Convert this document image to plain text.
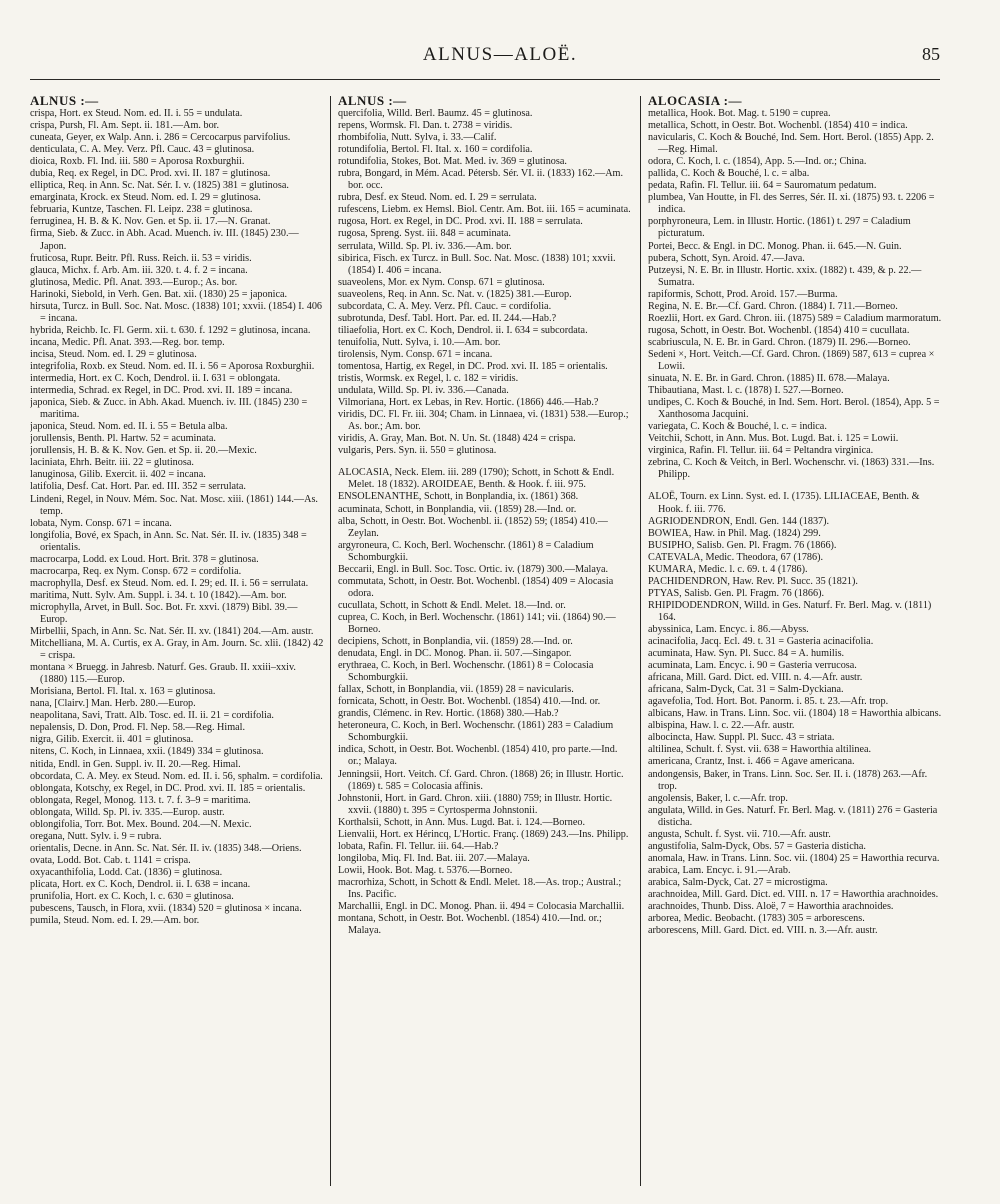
ALNUS—ALOË.	85
ALNUS :—

crispa, Hort. ex Steud. Nom. ed. II. i. 55 = undulata.

crispa, Pursh, Fl. Am. Sept. ii. 181.—Am. bor.

cuneata, Geyer, ex Walp. Ann. i. 286 = Cercocarpus parvifolius.

denticulata, C. A. Mey. Verz. Pfl. Cauc. 43 = glutinosa.

dioica, Roxb. Fl. Ind. iii. 580 = Aporosa Roxburghii.

dubia, Req. ex Regel, in DC. Prod. xvi. II. 187 = glutinosa.

elliptica, Req. in Ann. Sc. Nat. Sér. I. v. (1825) 381 = glutinosa.

emarginata, Krock. ex Steud. Nom. ed. I. 29 = glutinosa.

februaria, Kuntze, Taschen. Fl. Leipz. 238 = glutinosa.

ferruginea, H. B. & K. Nov. Gen. et Sp. ii. 17.—N. Granat.

firma, Sieb. & Zucc. in Abh. Acad. Muench. iv. III. (1845) 230.—Japon.

fruticosa, Rupr. Beitr. Pfl. Russ. Reich. ii. 53 = viridis.

glauca, Michx. f. Arb. Am. iii. 320. t. 4. f. 2 = incana.

glutinosa, Medic. Pfl. Anat. 393.—Europ.; As. bor.

Harinoki, Siebold, in Verh. Gen. Bat. xii. (1830) 25 = japonica.

hirsuta, Turcz. in Bull. Soc. Nat. Mosc. (1838) 101; xxvii. (1854) I. 406 = incana.

hybrida, Reichb. Ic. Fl. Germ. xii. t. 630. f. 1292 = glutinosa, incana.

incana, Medic. Pfl. Anat. 393.—Reg. bor. temp.

incisa, Steud. Nom. ed. I. 29 = glutinosa.

integrifolia, Roxb. ex Steud. Nom. ed. II. i. 56 = Aporosa Roxburghii.

intermedia, Hort. ex C. Koch, Dendrol. ii. I. 631 = oblongata.

intermedia, Schrad. ex Regel, in DC. Prod. xvi. II. 189 = incana.

japonica, Sieb. & Zucc. in Abh. Akad. Muench. iv. III. (1845) 230 = maritima.

japonica, Steud. Nom. ed. II. i. 55 = Betula alba.

jorullensis, Benth. Pl. Hartw. 52 = acuminata.

jorullensis, H. B. & K. Nov. Gen. et Sp. ii. 20.—Mexic.

laciniata, Ehrh. Beitr. iii. 22 = glutinosa.

lanuginosa, Gilib. Exercit. ii. 402 = incana.

latifolia, Desf. Cat. Hort. Par. ed. III. 352 = serrulata.

Lindeni, Regel, in Nouv. Mém. Soc. Nat. Mosc. xiii. (1861) 144.—As. temp.

lobata, Nym. Consp. 671 = incana.

longifolia, Bové, ex Spach, in Ann. Sc. Nat. Sér. II. iv. (1835) 348 = orientalis.

macrocarpa, Lodd. ex Loud. Hort. Brit. 378 = glutinosa.

macrocarpa, Req. ex Nym. Consp. 672 = cordifolia.

macrophylla, Desf. ex Steud. Nom. ed. I. 29; ed. II. i. 56 = serrulata.

maritima, Nutt. Sylv. Am. Suppl. i. 34. t. 10 (1842).—Am. bor.

microphylla, Arvet, in Bull. Soc. Bot. Fr. xxvi. (1879) Bibl. 39.—Europ.

Mirbellii, Spach, in Ann. Sc. Nat. Sér. II. xv. (1841) 204.—Am. austr.

Mitchelliana, M. A. Curtis, ex A. Gray, in Am. Journ. Sc. xlii. (1842) 42 = crispa.

montana × Bruegg. in Jahresb. Naturf. Ges. Graub. II. xxiii–xxiv. (1880) 115.—Europ.

Morisiana, Bertol. Fl. Ital. x. 163 = glutinosa.

nana, [Clairv.] Man. Herb. 280.—Europ.

neapolitana, Savi, Tratt. Alb. Tosc. ed. II. ii. 21 = cordifolia.

nepalensis, D. Don, Prod. Fl. Nep. 58.—Reg. Himal.

nigra, Gilib. Exercit. ii. 401 = glutinosa.

nitens, C. Koch, in Linnaea, xxii. (1849) 334 = glutinosa.

nitida, Endl. in Gen. Suppl. iv. II. 20.—Reg. Himal.

obcordata, C. A. Mey. ex Steud. Nom. ed. II. i. 56, sphalm. = cordifolia.

oblongata, Kotschy, ex Regel, in DC. Prod. xvi. II. 185 = orientalis.

oblongata, Regel, Monog. 113. t. 7. f. 3–9 = maritima.

oblongata, Willd. Sp. Pl. iv. 335.—Europ. austr.

oblongifolia, Torr. Bot. Mex. Bound. 204.—N. Mexic.

oregana, Nutt. Sylv. i. 9 = rubra.

orientalis, Decne. in Ann. Sc. Nat. Sér. II. iv. (1835) 348.—Oriens.

ovata, Lodd. Bot. Cab. t. 1141 = crispa.

oxyacanthifolia, Lodd. Cat. (1836) = glutinosa.

plicata, Hort. ex C. Koch, Dendrol. ii. I. 638 = incana.

prunifolia, Hort. ex C. Koch, l. c. 630 = glutinosa.

pubescens, Tausch, in Flora, xvii. (1834) 520 = glutinosa × incana.

pumila, Steud. Nom. ed. I. 29.—Am. bor.

ALNUS :—

quercifolia, Willd. Berl. Baumz. 45 = glutinosa.

repens, Wormsk. Fl. Dan. t. 2738 = viridis.

rhombifolia, Nutt. Sylva, i. 33.—Calif.

rotundifolia, Bertol. Fl. Ital. x. 160 = cordifolia.

rotundifolia, Stokes, Bot. Mat. Med. iv. 369 = glutinosa.

rubra, Bongard, in Mém. Acad. Pétersb. Sér. VI. ii. (1833) 162.—Am. bor. occ.

rubra, Desf. ex Steud. Nom. ed. I. 29 = serrulata.

rufescens, Liebm. ex Hemsl. Biol. Centr. Am. Bot. iii. 165 = acuminata.

rugosa, Hort. ex Regel, in DC. Prod. xvi. II. 188 = serrulata.

rugosa, Spreng. Syst. iii. 848 = acuminata.

serrulata, Willd. Sp. Pl. iv. 336.—Am. bor.

sibirica, Fisch. ex Turcz. in Bull. Soc. Nat. Mosc. (1838) 101; xxvii. (1854) I. 406 = incana.

suaveolens, Mor. ex Nym. Consp. 671 = glutinosa.

suaveolens, Req. in Ann. Sc. Nat. v. (1825) 381.—Europ.

subcordata, C. A. Mey. Verz. Pfl. Cauc. = cordifolia.

subrotunda, Desf. Tabl. Hort. Par. ed. II. 244.—Hab.?

tiliaefolia, Hort. ex C. Koch, Dendrol. ii. I. 634 = subcordata.

tenuifolia, Nutt. Sylva, i. 10.—Am. bor.

tirolensis, Nym. Consp. 671 = incana.

tomentosa, Hartig, ex Regel, in DC. Prod. xvi. II. 185 = orientalis.

tristis, Wormsk. ex Regel, l. c. 182 = viridis.

undulata, Willd. Sp. Pl. iv. 336.—Canada.

Vilmoriana, Hort. ex Lebas, in Rev. Hortic. (1866) 446.—Hab.?

viridis, DC. Fl. Fr. iii. 304; Cham. in Linnaea, vi. (1831) 538.—Europ.; As. bor.; Am. bor.

viridis, A. Gray, Man. Bot. N. Un. St. (1848) 424 = crispa.

vulgaris, Pers. Syn. ii. 550 = glutinosa.

ALOCASIA, Neck. Elem. iii. 289 (1790); Schott, in Schott & Endl. Melet. 18 (1832). AROIDEAE, Benth. & Hook. f. iii. 975.

ENSOLENANTHE, Schott, in Bonplandia, ix. (1861) 368.

acuminata, Schott, in Bonplandia, vii. (1859) 28.—Ind. or.

alba, Schott, in Oestr. Bot. Wochenbl. ii. (1852) 59; (1854) 410.—Zeylan.

argyroneura, C. Koch, Berl. Wochenschr. (1861) 8 = Caladium Schomburgkii.

Beccarii, Engl. in Bull. Soc. Tosc. Ortic. iv. (1879) 300.—Malaya.

commutata, Schott, in Oestr. Bot. Wochenbl. (1854) 409 = Alocasia odora.

cucullata, Schott, in Schott & Endl. Melet. 18.—Ind. or.

cuprea, C. Koch, in Berl. Wochenschr. (1861) 141; vii. (1864) 90.—Borneo.

decipiens, Schott, in Bonplandia, vii. (1859) 28.—Ind. or.

denudata, Engl. in DC. Monog. Phan. ii. 507.—Singapor.

erythraea, C. Koch, in Berl. Wochenschr. (1861) 8 = Colocasia Schomburgkii.

fallax, Schott, in Bonplandia, vii. (1859) 28 = navicularis.

fornicata, Schott, in Oestr. Bot. Wochenbl. (1854) 410.—Ind. or.

grandis, Clémenc. in Rev. Hortic. (1868) 380.—Hab.?

heteroneura, C. Koch, in Berl. Wochenschr. (1861) 283 = Caladium Schomburgkii.

indica, Schott, in Oestr. Bot. Wochenbl. (1854) 410, pro parte.—Ind. or.; Malaya.

Jenningsii, Hort. Veitch. Cf. Gard. Chron. (1868) 26; in Illustr. Hortic. (1869) t. 585 = Colocasia affinis.

Johnstonii, Hort. in Gard. Chron. xiii. (1880) 759; in Illustr. Hortic. xxvii. (1880) t. 395 = Cyrtosperma Johnstonii.

Korthalsii, Schott, in Ann. Mus. Lugd. Bat. i. 124.—Borneo.

Lienvalii, Hort. ex Hérincq, L'Hortic. Franç. (1869) 243.—Ins. Philipp.

lobata, Rafin. Fl. Tellur. iii. 64.—Hab.?

longiloba, Miq. Fl. Ind. Bat. iii. 207.—Malaya.

Lowii, Hook. Bot. Mag. t. 5376.—Borneo.

macrorhiza, Schott, in Schott & Endl. Melet. 18.—As. trop.; Austral.; Ins. Pacific.

Marchallii, Engl. in DC. Monog. Phan. ii. 494 = Colocasia Marchallii.

montana, Schott, in Oestr. Bot. Wochenbl. (1854) 410.—Ind. or.; Malaya.

ALOCASIA :—

metallica, Hook. Bot. Mag. t. 5190 = cuprea.

metallica, Schott, in Oestr. Bot. Wochenbl. (1854) 410 = indica.

navicularis, C. Koch & Bouché, Ind. Sem. Hort. Berol. (1855) App. 2.—Reg. Himal.

odora, C. Koch, l. c. (1854), App. 5.—Ind. or.; China.

pallida, C. Koch & Bouché, l. c. = alba.

pedata, Rafin. Fl. Tellur. iii. 64 = Sauromatum pedatum.

plumbea, Van Houtte, in Fl. des Serres, Sér. II. xi. (1875) 93. t. 2206 = indica.

porphyroneura, Lem. in Illustr. Hortic. (1861) t. 297 = Caladium picturatum.

Portei, Becc. & Engl. in DC. Monog. Phan. ii. 645.—N. Guin.

pubera, Schott, Syn. Aroid. 47.—Java.

Putzeysi, N. E. Br. in Illustr. Hortic. xxix. (1882) t. 439, & p. 22.—Sumatra.

rapiformis, Schott, Prod. Aroid. 157.—Burma.

Regina, N. E. Br.—Cf. Gard. Chron. (1884) I. 711.—Borneo.

Roezlii, Hort. ex Gard. Chron. iii. (1875) 589 = Caladium marmoratum.

rugosa, Schott, in Oestr. Bot. Wochenbl. (1854) 410 = cucullata.

scabriuscula, N. E. Br. in Gard. Chron. (1879) II. 296.—Borneo.

Sedeni ×, Hort. Veitch.—Cf. Gard. Chron. (1869) 587, 613 = cuprea × Lowii.

sinuata, N. E. Br. in Gard. Chron. (1885) II. 678.—Malaya.

Thibautiana, Mast. l. c. (1878) I. 527.—Borneo.

undipes, C. Koch & Bouché, in Ind. Sem. Hort. Berol. (1854), App. 5 = Xanthosoma Jacquini.

variegata, C. Koch & Bouché, l. c. = indica.

Veitchii, Schott, in Ann. Mus. Bot. Lugd. Bat. i. 125 = Lowii.

virginica, Rafin. Fl. Tellur. iii. 64 = Peltandra virginica.

zebrina, C. Koch & Veitch, in Berl. Wochenschr. vi. (1863) 331.—Ins. Philipp.

ALOË, Tourn. ex Linn. Syst. ed. I. (1735). LILIACEAE, Benth. & Hook. f. iii. 776.

AGRIODENDRON, Endl. Gen. 144 (1837).

BOWIEA, Haw. in Phil. Mag. (1824) 299.

BUSIPHO, Salisb. Gen. Pl. Fragm. 76 (1866).

CATEVALA, Medic. Theodora, 67 (1786).

KUMARA, Medic. l. c. 69. t. 4 (1786).

PACHIDENDRON, Haw. Rev. Pl. Succ. 35 (1821).

PTYAS, Salisb. Gen. Pl. Fragm. 76 (1866).

RHIPIDODENDRON, Willd. in Ges. Naturf. Fr. Berl. Mag. v. (1811) 164.

abyssinica, Lam. Encyc. i. 86.—Abyss.

acinacifolia, Jacq. Ecl. 49. t. 31 = Gasteria acinacifolia.

acuminata, Haw. Syn. Pl. Succ. 84 = A. humilis.

acuminata, Lam. Encyc. i. 90 = Gasteria verrucosa.

africana, Mill. Gard. Dict. ed. VIII. n. 4.—Afr. austr.

africana, Salm-Dyck, Cat. 31 = Salm-Dyckiana.

agavefolia, Tod. Hort. Bot. Panorm. i. 85. t. 23.—Afr. trop.

albicans, Haw. in Trans. Linn. Soc. vii. (1804) 18 = Haworthia albicans.

albispina, Haw. l. c. 22.—Afr. austr.

albocincta, Haw. Suppl. Pl. Succ. 43 = striata.

altilinea, Schult. f. Syst. vii. 638 = Haworthia altilinea.

americana, Crantz, Inst. i. 466 = Agave americana.

andongensis, Baker, in Trans. Linn. Soc. Ser. II. i. (1878) 263.—Afr. trop.

angolensis, Baker, l. c.—Afr. trop.

angulata, Willd. in Ges. Naturf. Fr. Berl. Mag. v. (1811) 276 = Gasteria disticha.

angusta, Schult. f. Syst. vii. 710.—Afr. austr.

angustifolia, Salm-Dyck, Obs. 57 = Gasteria disticha.

anomala, Haw. in Trans. Linn. Soc. vii. (1804) 25 = Haworthia recurva.

arabica, Lam. Encyc. i. 91.—Arab.

arabica, Salm-Dyck, Cat. 27 = microstigma.

arachnoidea, Mill. Gard. Dict. ed. VIII. n. 17 = Haworthia arachnoides.

arachnoides, Thunb. Diss. Aloë, 7 = Haworthia arachnoides.

arborea, Medic. Beobacht. (1783) 305 = arborescens.

arborescens, Mill. Gard. Dict. ed. VIII. n. 3.—Afr. austr.
